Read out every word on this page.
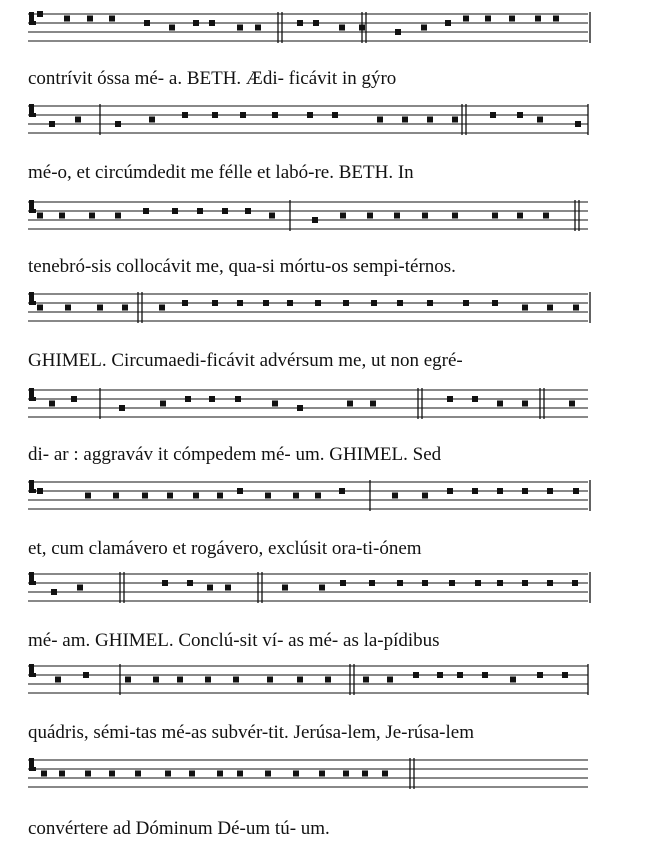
contrívit óssa mé- a. BETH. Ædi- ficávit in gýro
mé-o, et circúmdedit me félle et labó-re. BETH. In
tenebró-sis collocávit me, qua-si mórtu-os sempi-térnos.
GHIMEL. Circumaedi-ficávit advérsum me, ut non egré-
di- ar : aggraváv it cómpedem mé- um. GHIMEL. Sed
et, cum clamávero et rogávero, exclúsit ora-ti-ónem
mé- am. GHIMEL. Conclú-sit ví- as mé- as la-pídibus
quádris, sémi-tas mé-as subvér-tit. Jerúsa-lem, Je-rúsa-lem
convértere ad Dóminum Dé-um tú- um.
